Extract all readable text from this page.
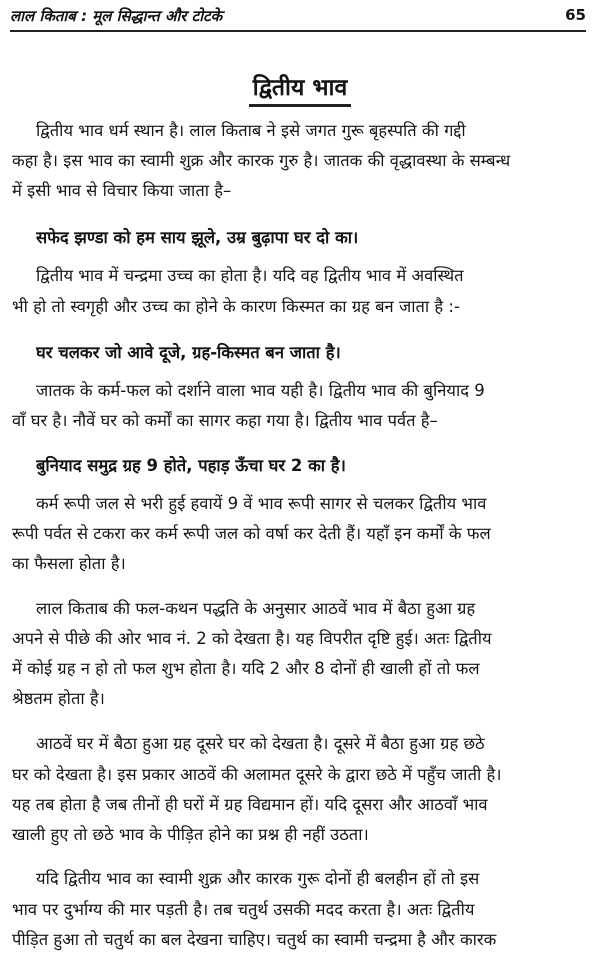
लाल किताब : मूल सिद्धान्त और टोटके	65
द्वितीय भाव
द्वितीय भाव धर्म स्थान है। लाल किताब ने इसे जगत गुरू बृहस्पति की गद्दी
कहा है। इस भाव का स्वामी शुक्र और कारक गुरु है। जातक की वृद्धावस्था के सम्बन्ध
में इसी भाव से विचार किया जाता है–
सफेद झण्डा को हम साय झूले, उम्र बुढ़ापा घर दो का।
द्वितीय भाव में चन्द्रमा उच्च का होता है। यदि वह द्वितीय भाव में अवस्थित
भी हो तो स्वगृही और उच्च का होने के कारण किस्मत का ग्रह बन जाता है :-
घर चलकर जो आवे दूजे, ग्रह-किस्मत बन जाता है।
जातक के कर्म-फल को दर्शाने वाला भाव यही है। द्वितीय भाव की बुनियाद 9
वाँ घर है। नौवें घर को कर्मों का सागर कहा गया है। द्वितीय भाव पर्वत है–
बुनियाद समुद्र ग्रह 9 होते, पहाड़ ऊँचा घर 2 का है।
कर्म रूपी जल से भरी हुई हवायें 9 वें भाव रूपी सागर से चलकर द्वितीय भाव
रूपी पर्वत से टकरा कर कर्म रूपी जल को वर्षा कर देती हैं। यहाँ इन कर्मों के फल
का फैसला होता है।
लाल किताब की फल-कथन पद्धति के अनुसार आठवें भाव में बैठा हुआ ग्रह
अपने से पीछे की ओर भाव नं. 2 को देखता है। यह विपरीत दृष्टि हुई। अतः द्वितीय
में कोई ग्रह न हो तो फल शुभ होता है। यदि 2 और 8 दोनों ही खाली हों तो फल
श्रेष्ठतम होता है।
आठवें घर में बैठा हुआ ग्रह दूसरे घर को देखता है। दूसरे में बैठा हुआ ग्रह छठे
घर को देखता है। इस प्रकार आठवें की अलामत दूसरे के द्वारा छठे में पहुँच जाती है।
यह तब होता है जब तीनों ही घरों में ग्रह विद्यमान हों। यदि दूसरा और आठवाँ भाव
खाली हुए तो छठे भाव के पीड़ित होने का प्रश्न ही नहीं उठता।
यदि द्वितीय भाव का स्वामी शुक्र और कारक गुरू दोनों ही बलहीन हों तो इस
भाव पर दुर्भाग्य की मार पड़ती है। तब चतुर्थ उसकी मदद करता है। अतः द्वितीय
पीड़ित हुआ तो चतुर्थ का बल देखना चाहिए। चतुर्थ का स्वामी चन्द्रमा है और कारक
